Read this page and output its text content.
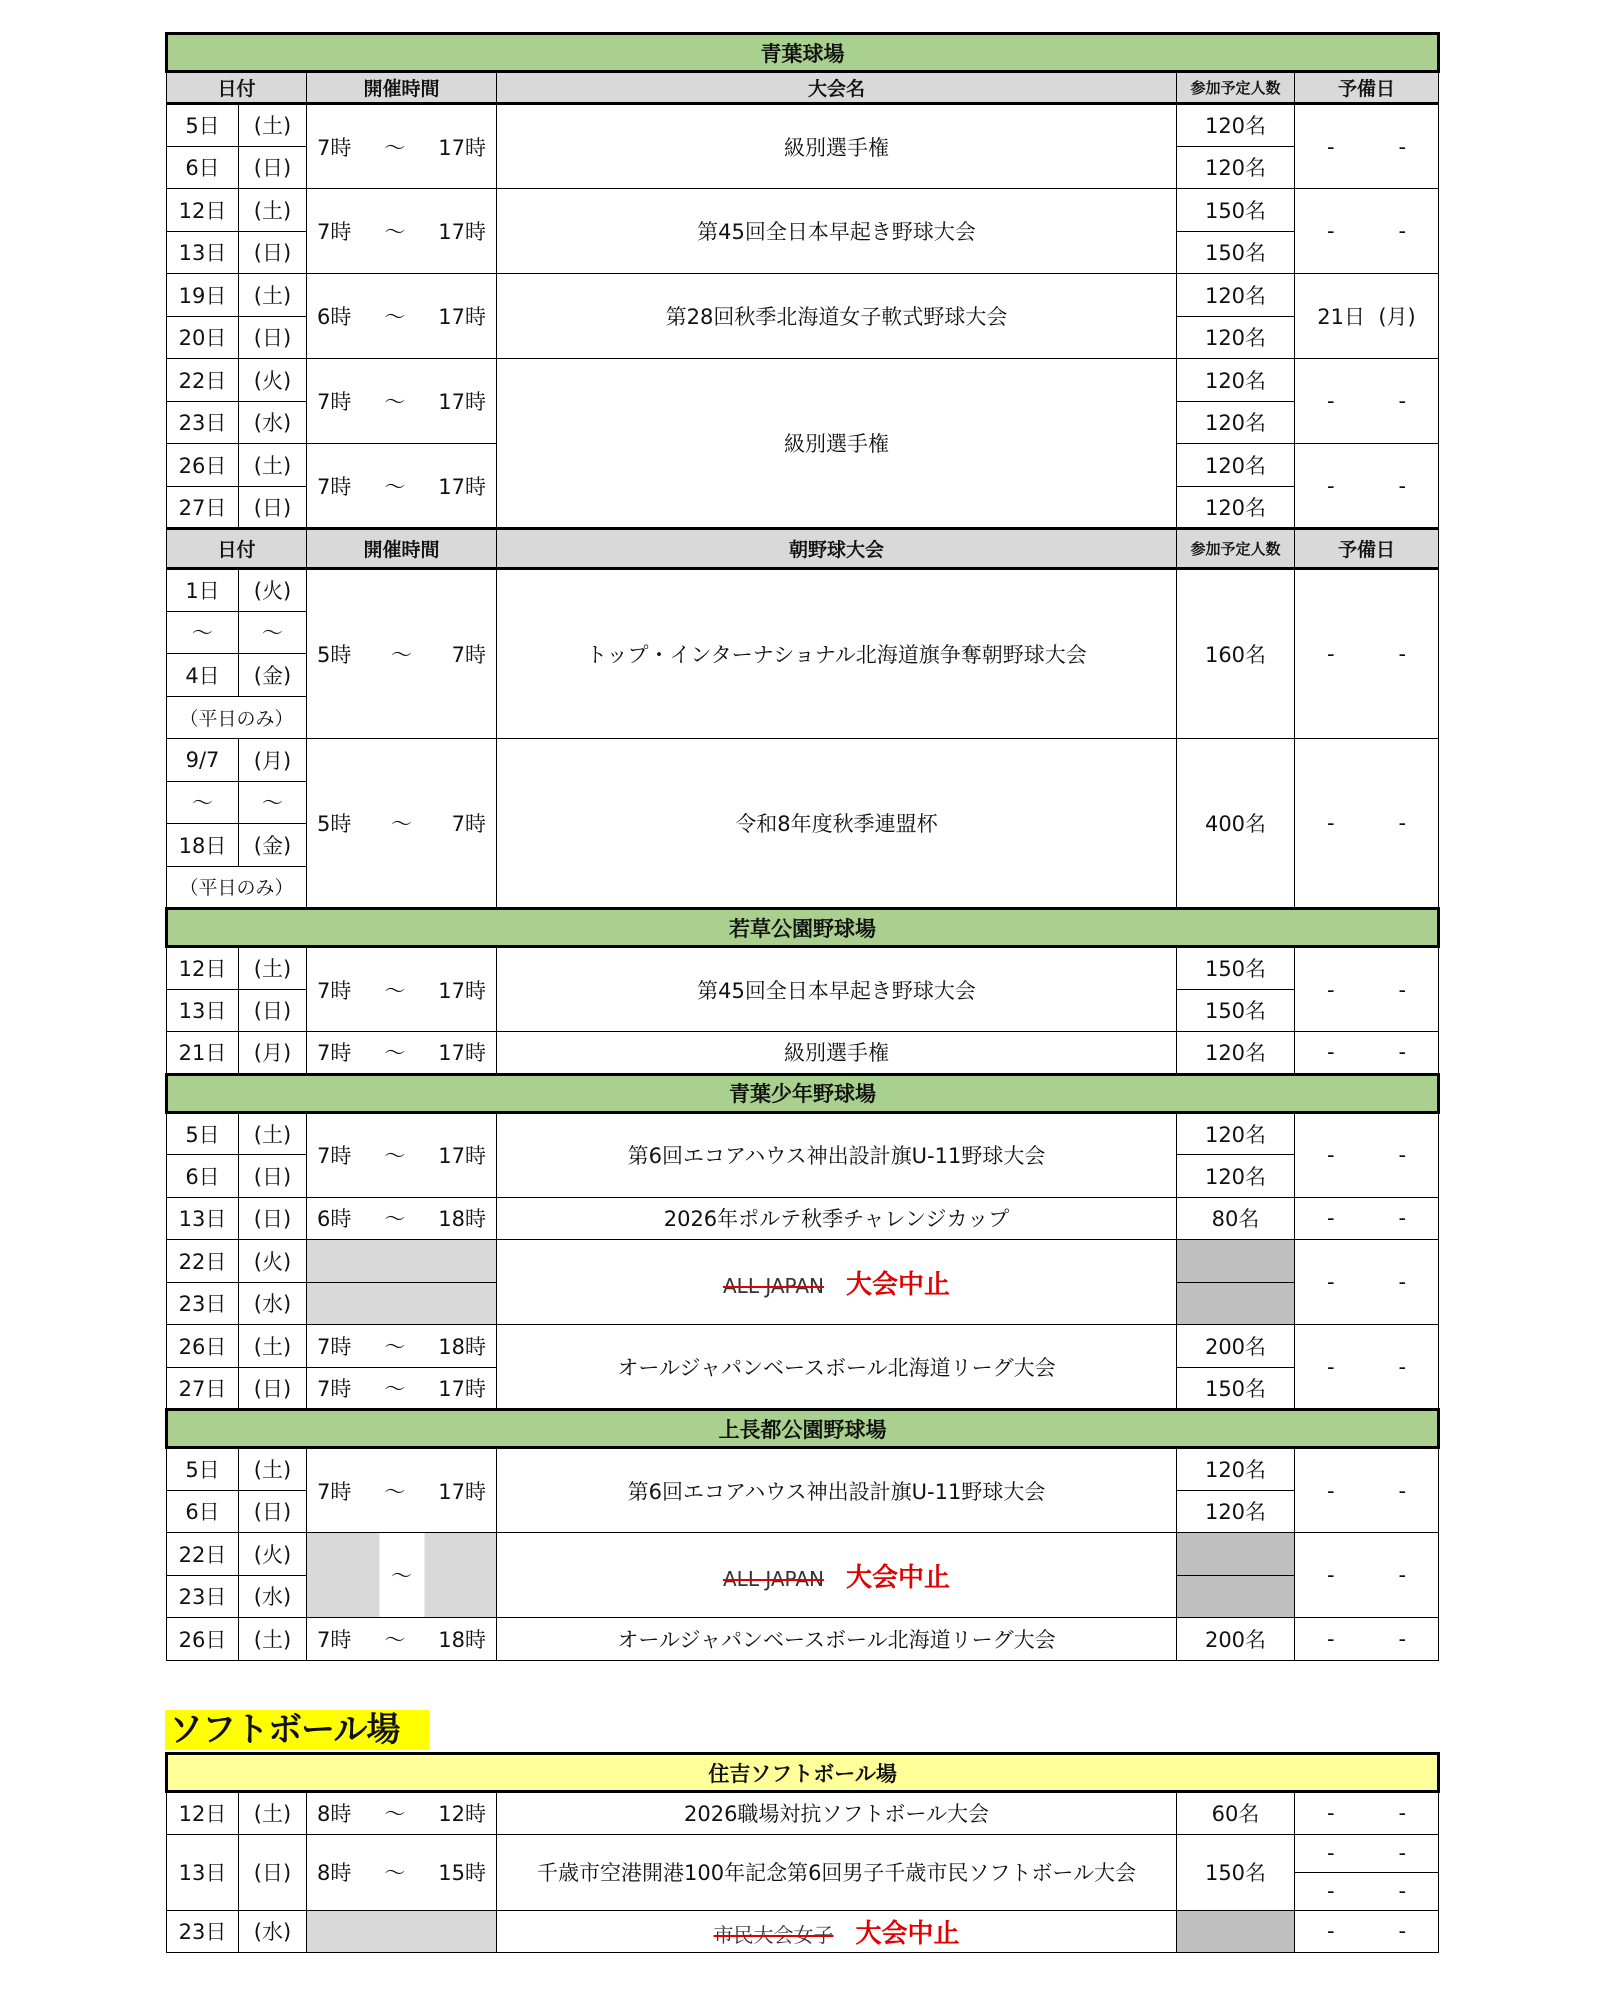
青葉球場					
日付		開催時間	大会名	参加予定人数	予備日
5日	(土)	7時 ～ 17時	級別選手権	120名	- -

6日	(日)			120名	
12日	(土)	7時 ～ 17時	第45回全日本早起き野球大会	150名	- -

13日	(日)			150名	
19日	(土)	6時 ～ 17時	第28回秋季北海道女子軟式野球大会	120名	21日 (月)
20日	(日)			120名	
22日	(火)	7時 ～ 17時	級別選手権	120名	- -

23日	(水)			120名	
26日	(土)	7時 ～ 17時		120名	- -

27日	(日)			120名	
日付		開催時間	朝野球大会	参加予定人数	予備日
1日	(火)	5時 ～ 7時	トップ・インターナショナル北海道旗争奪朝野球大会	160名	- -

～	～				
4日	(金)				
（平日のみ）					
9/7	(月)	5時 ～ 7時	令和8年度秋季連盟杯	400名	- -

～	～				
18日	(金)				
（平日のみ）					
若草公園野球場					
12日	(土)	7時 ～ 17時	第45回全日本早起き野球大会	150名	- -

13日	(日)			150名	
21日	(月)	7時 ～ 17時	級別選手権	120名	- -

青葉少年野球場					
5日	(土)	7時 ～ 17時	第6回エコアハウス神出設計旗U-11野球大会	120名	- -

6日	(日)			120名	
13日	(日)	6時 ～ 18時	2026年ポルテ秋季チャレンジカップ	80名	- -

22日	(火)		ALL JAPAN 大会中止		- -

23日	(水)				
26日	(土)	7時 ～ 18時	オールジャパンベースボール北海道リーグ大会	200名	- -

27日	(日)	7時 ～ 17時		150名	
上長都公園野球場					
5日	(土)	7時 ～ 17時	第6回エコアハウス神出設計旗U-11野球大会	120名	- -

6日	(日)			120名	
22日	(火)	～	ALL JAPAN 大会中止		- -

23日	(水)				
26日	(土)	7時 ～ 18時	オールジャパンベースボール北海道リーグ大会	200名	- -
ソフトボール場
住吉ソフトボール場					
12日	(土)	8時 ～ 12時	2026職場対抗ソフトボール大会	60名	- -

13日	(日)	8時 ～ 15時	千歳市空港開港100年記念第6回男子千歳市民ソフトボール大会	150名	- -

					- -

23日	(水)		市民大会女子 大会中止		- -
